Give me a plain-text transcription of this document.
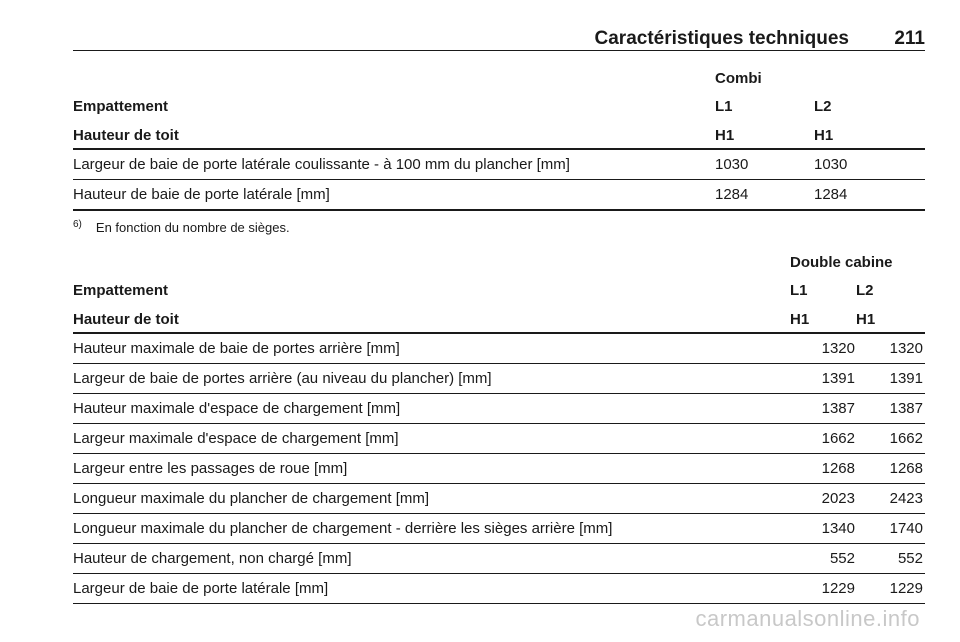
Caractéristiques techniques 211
Combi
Empattement	L1	L2
Hauteur de toit	H1	H1
Largeur de baie de porte latérale coulissante - à 100 mm du plancher [mm]	1030	1030
Hauteur de baie de porte latérale [mm]	1284	1284
$^{6)}$ En fonction du nombre de sièges.
Double cabine
Empattement	L1	L2
Hauteur de toit	H1	H1
Hauteur maximale de baie de portes arrière [mm]	1320 1320
Largeur de baie de portes arrière (au niveau du plancher) [mm]	1391 1391
Hauteur maximale d'espace de chargement [mm]	1387 1387
Largeur maximale d'espace de chargement [mm]	1662 1662
Largeur entre les passages de roue [mm]	1268 1268
Longueur maximale du plancher de chargement [mm]	2023 2423
Longueur maximale du plancher de chargement - derrière les sièges arrière [mm]	1340 1740
Hauteur de chargement, non chargé [mm]	552	552
Largeur de baie de porte latérale [mm]	1229 1229
carmanualsonline.info
